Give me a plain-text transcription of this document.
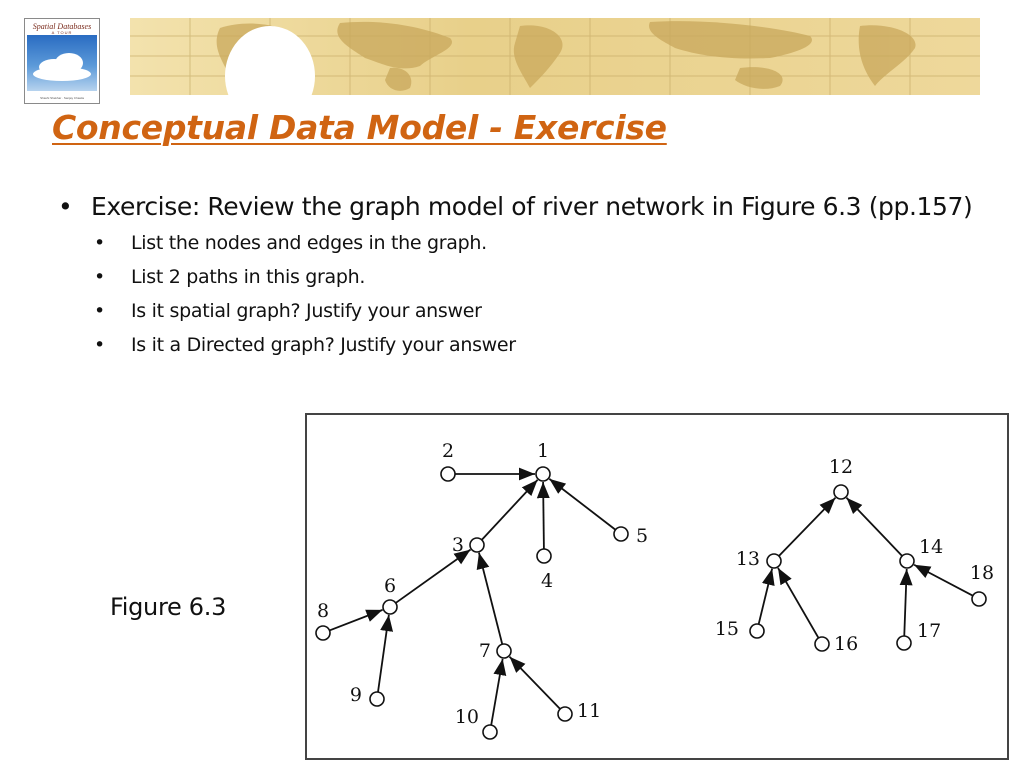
Spatial Databases
A TOUR
Shashi Shekhar · Sanjay Chawla
Conceptual Data Model - Exercise
• Exercise: Review the graph model of river network in Figure 6.3 (pp.157)
• List the nodes and edges in the graph.
• List 2 paths in this graph.
• Is it spatial graph? Justify your answer
• Is it a Directed graph? Justify your answer
Figure 6.3
1
2
3
4
5
6
7
8
9
10	11
12
13
14
15
16
17
18
